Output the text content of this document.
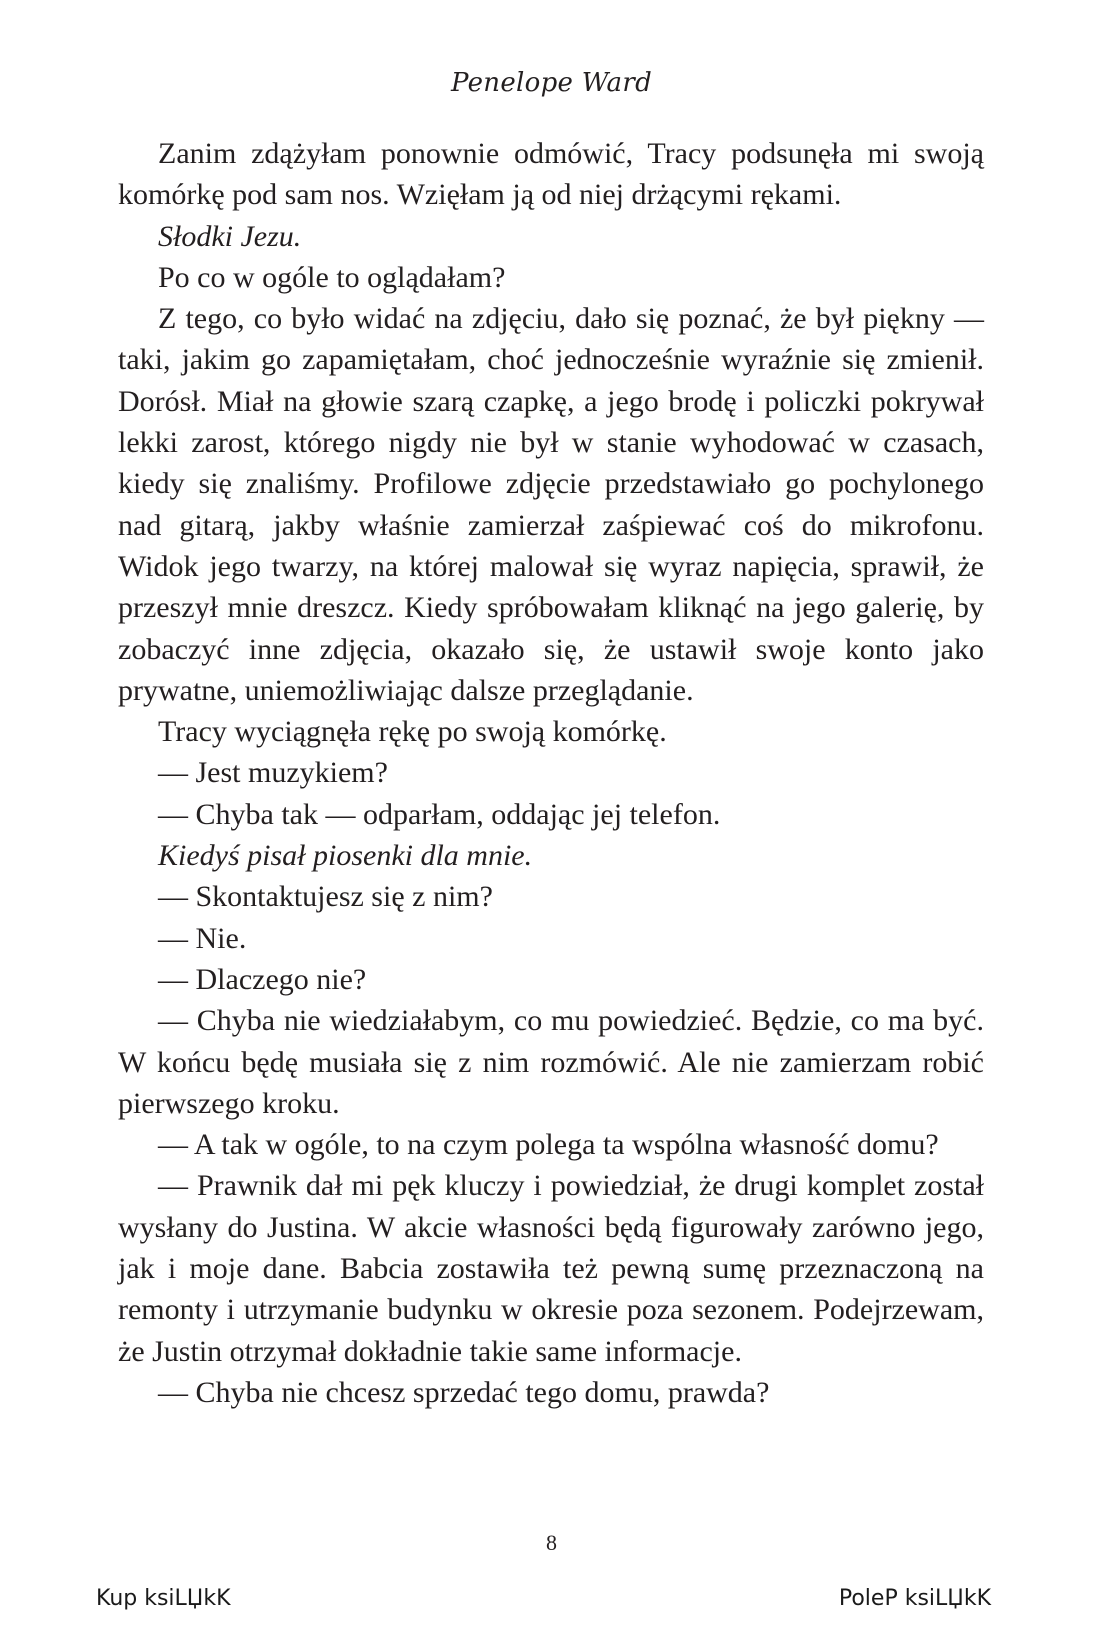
Penelope Ward

Zanim zdążyłam ponownie odmówić, Tracy podsunęła mi swoją komórkę pod sam nos. Wzięłam ją od niej drżącymi rękami.

Słodki Jezu.

Po co w ogóle to oglądałam?

Z tego, co było widać na zdjęciu, dało się poznać, że był piękny — taki, jakim go zapamiętałam, choć jednocześnie wyraźnie się zmienił. Dorósł. Miał na głowie szarą czapkę, a jego brodę i policzki pokrywał lekki zarost, którego nigdy nie był w stanie wyhodować w czasach, kiedy się znaliśmy. Profilowe zdjęcie przedstawiało go pochylonego nad gitarą, jakby właśnie zamierzał zaśpiewać coś do mikrofonu. Widok jego twarzy, na której malował się wyraz napięcia, sprawił, że przeszył mnie dreszcz. Kiedy spróbowałam kliknąć na jego galerię, by zobaczyć inne zdjęcia, okazało się, że ustawił swoje konto jako prywatne, uniemożliwiając dalsze przeglądanie.

Tracy wyciągnęła rękę po swoją komórkę.

— Jest muzykiem?

— Chyba tak — odparłam, oddając jej telefon.

Kiedyś pisał piosenki dla mnie.

— Skontaktujesz się z nim?

— Nie.

— Dlaczego nie?

— Chyba nie wiedziałabym, co mu powiedzieć. Będzie, co ma być. W końcu będę musiała się z nim rozmówić. Ale nie zamierzam robić pierwszego kroku.

— A tak w ogóle, to na czym polega ta wspólna własność domu?

— Prawnik dał mi pęk kluczy i powiedział, że drugi komplet został wysłany do Justina. W akcie własności będą figurowały zarówno jego, jak i moje dane. Babcia zostawiła też pewną sumę przeznaczoną na remonty i utrzymanie budynku w okresie poza sezonem. Podejrzewam, że Justin otrzymał dokładnie takie same informacje.

— Chyba nie chcesz sprzedać tego domu, prawda?

8
Kup ksiLЏkK	PoleP ksiLЏkK
